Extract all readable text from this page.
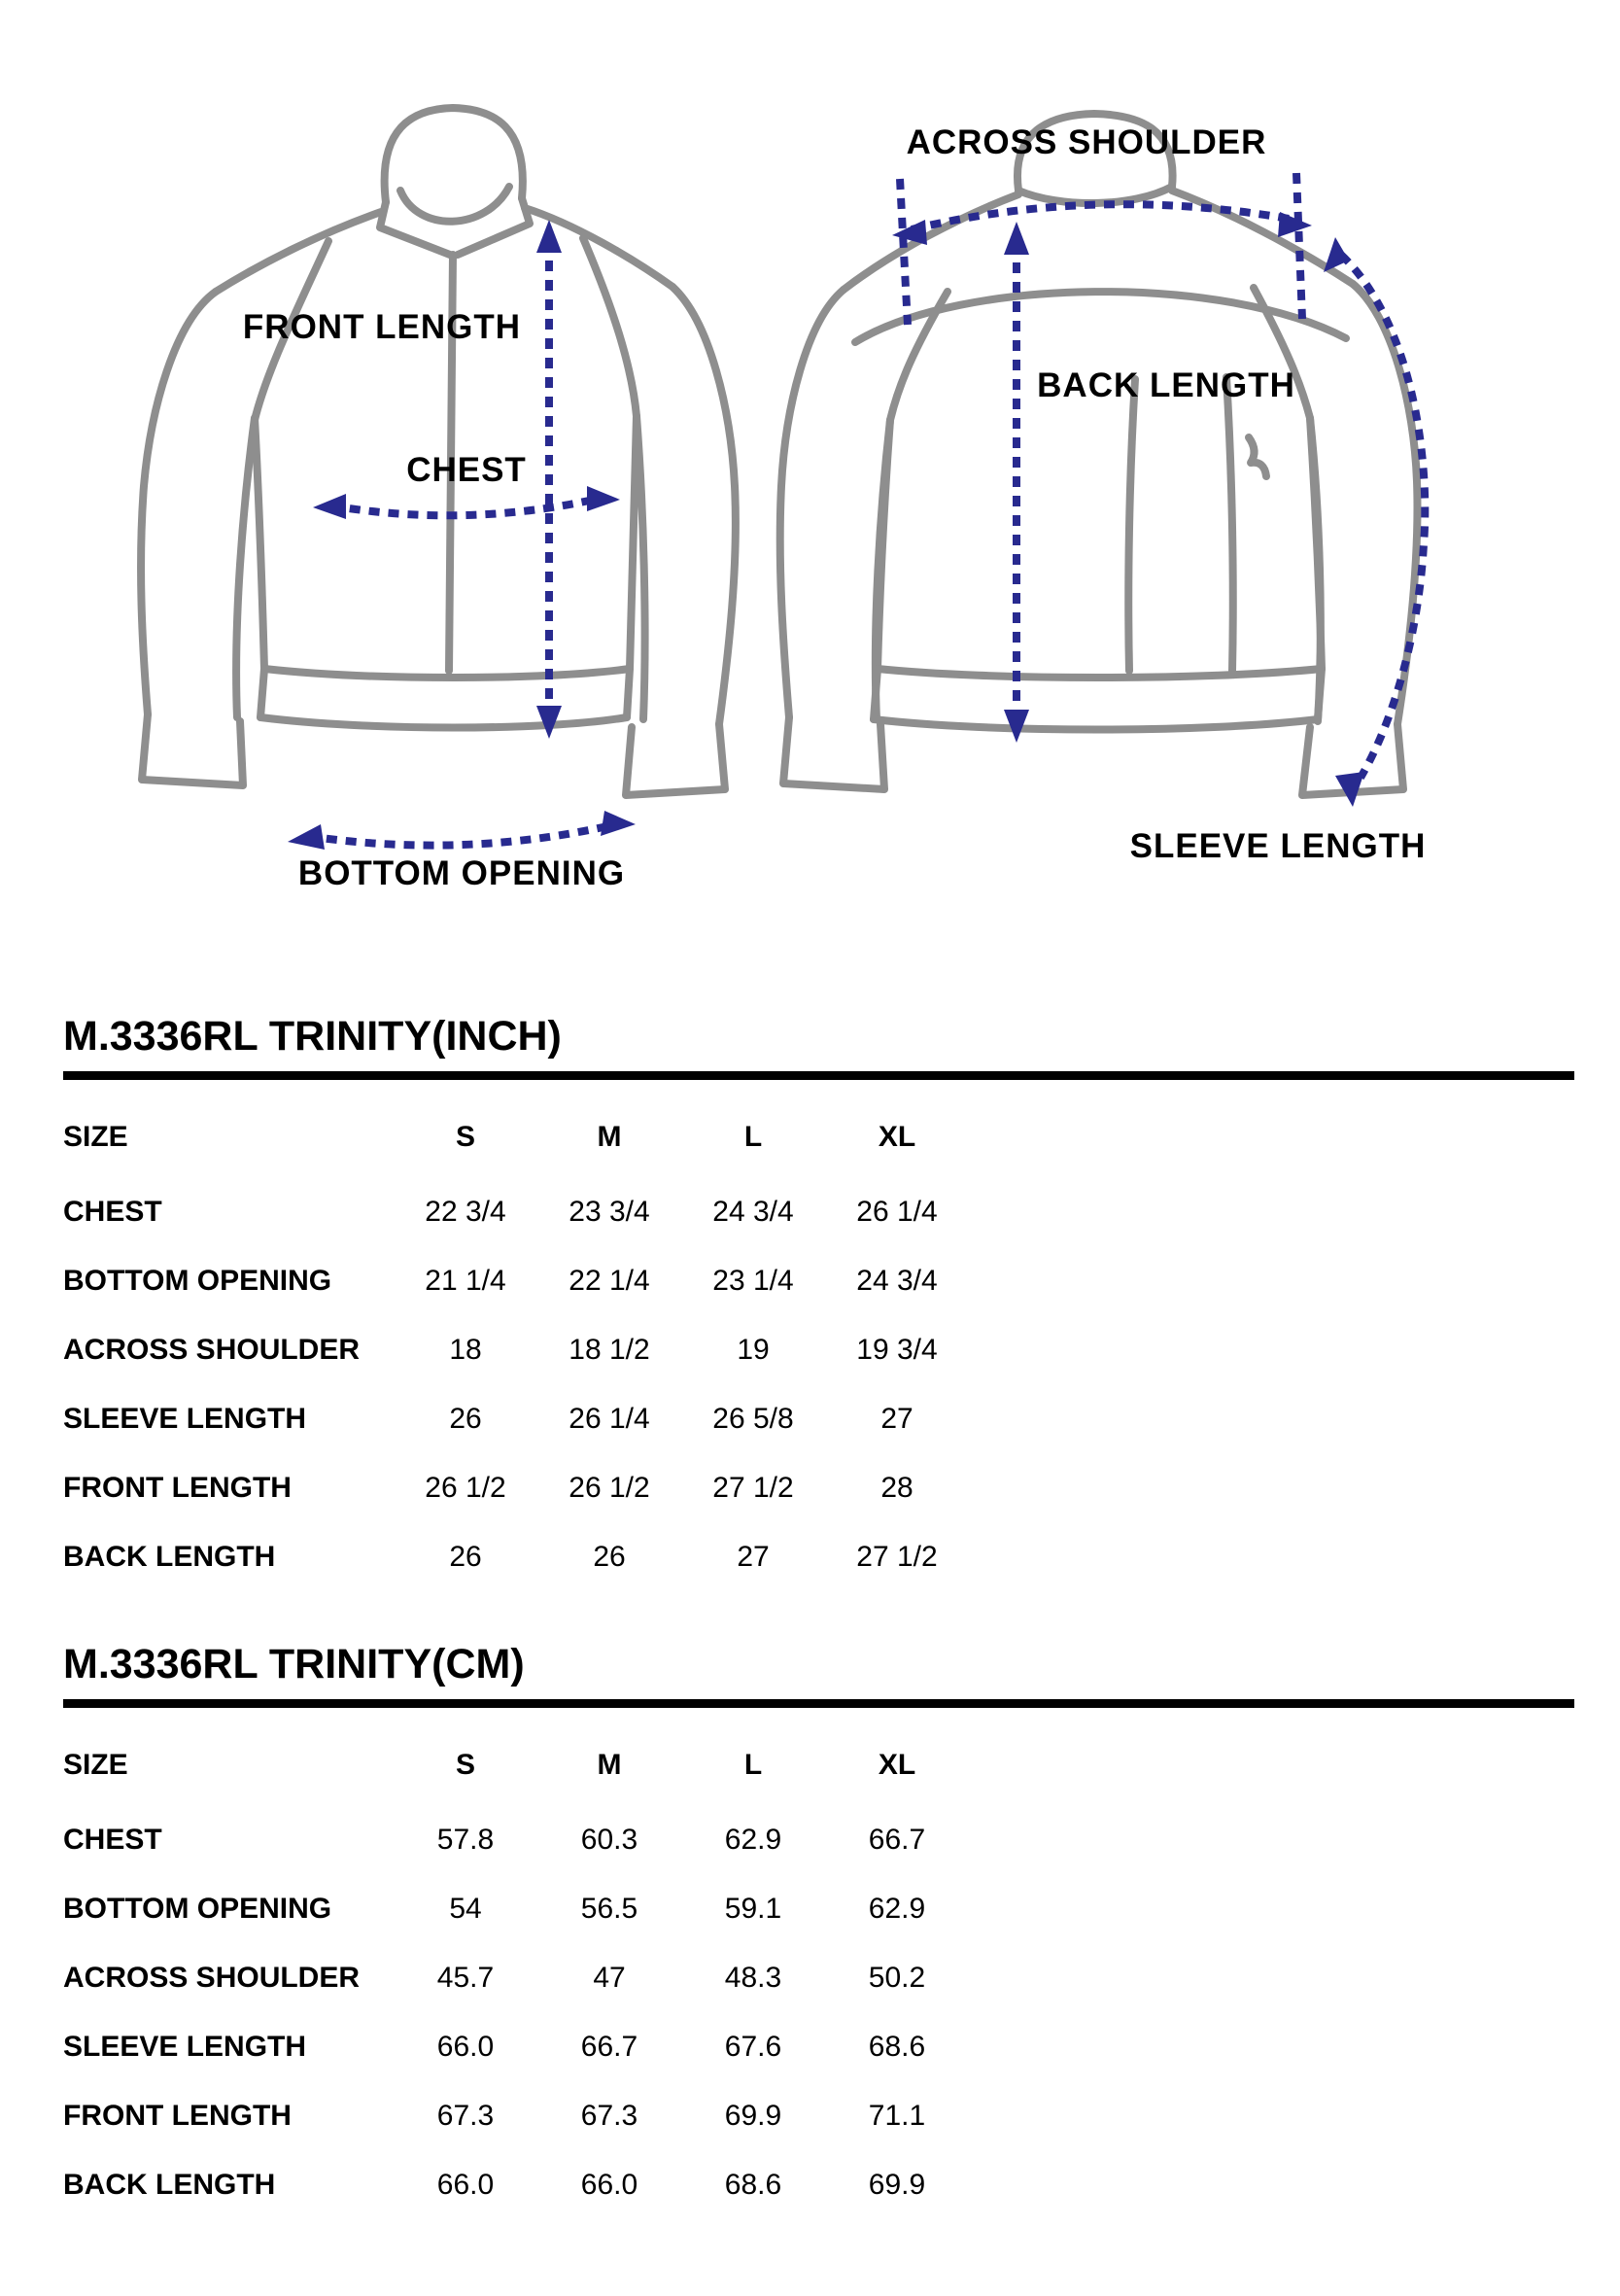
FRONT LENGTH
CHEST
BOTTOM OPENING
ACROSS SHOULDER
BACK LENGTH
SLEEVE LENGTH
M.3336RL TRINITY(INCH)
SIZE	S	M	L	XL
CHEST	22 3/4	23 3/4	24 3/4	26 1/4
BOTTOM OPENING	21 1/4	22 1/4	23 1/4	24 3/4
ACROSS SHOULDER	18	18 1/2	19	19 3/4
SLEEVE LENGTH	26	26 1/4	26 5/8	27
FRONT LENGTH	26 1/2	26 1/2	27 1/2	28
BACK LENGTH	26	26	27	27 1/2
M.3336RL TRINITY(CM)
SIZE	S	M	L	XL
CHEST	57.8	60.3	62.9	66.7
BOTTOM OPENING	54	56.5	59.1	62.9
ACROSS SHOULDER	45.7	47	48.3	50.2
SLEEVE LENGTH	66.0	66.7	67.6	68.6
FRONT LENGTH	67.3	67.3	69.9	71.1
BACK LENGTH	66.0	66.0	68.6	69.9
